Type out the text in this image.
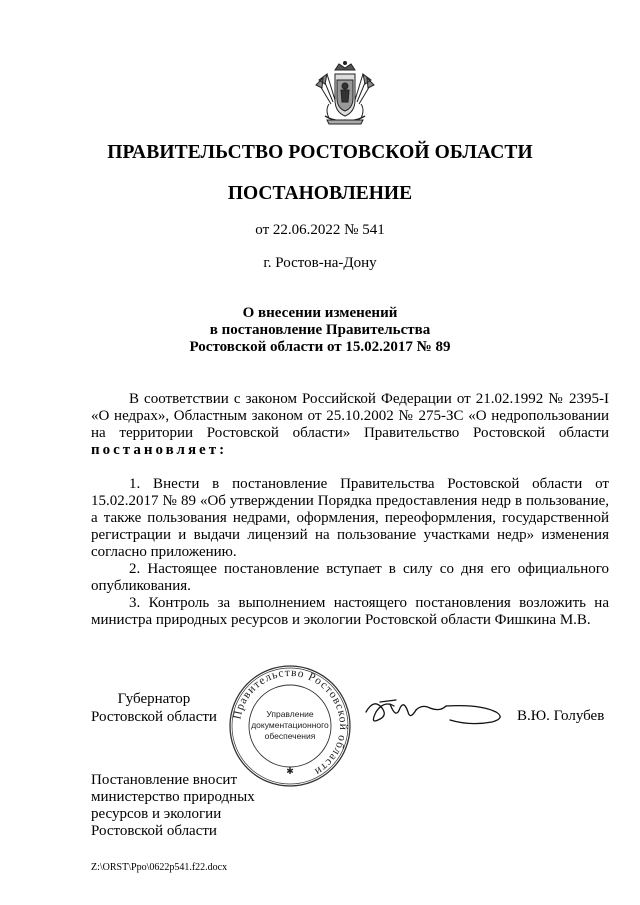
ПРАВИТЕЛЬСТВО РОСТОВСКОЙ ОБЛАСТИ
ПОСТАНОВЛЕНИЕ
от 22.06.2022 № 541
г. Ростов-на-Дону
О внесении изменений
в постановление Правительства
Ростовской области от 15.02.2017 № 89

В соответствии с законом Российской Федерации от 21.02.1992 № 2395-I «О недрах», Областным законом от 25.10.2002 № 275-ЗС «О недропользовании на территории Ростовской области» Правительство Ростовской области постановляет:

1. Внести в постановление Правительства Ростовской области от 15.02.2017 № 89 «Об утверждении Порядка предоставления недр в пользование, а также пользования недрами, оформления, переоформления, государственной регистрации и выдачи лицензий на пользование участками недр» изменения согласно приложению.

2. Настоящее постановление вступает в силу со дня его официального опубликования.

3. Контроль за выполнением настоящего постановления возложить на министра природных ресурсов и экологии Ростовской области Фишкина М.В.

Губернатор
Ростовской области Правительство Ростовской области
✱
Управление
документационного
обеспечения
В.Ю. Голубев
Постановление вносит
министерство природных
ресурсов и экологии
Ростовской области
Z:\ORST\Ppo\0622p541.f22.docx
